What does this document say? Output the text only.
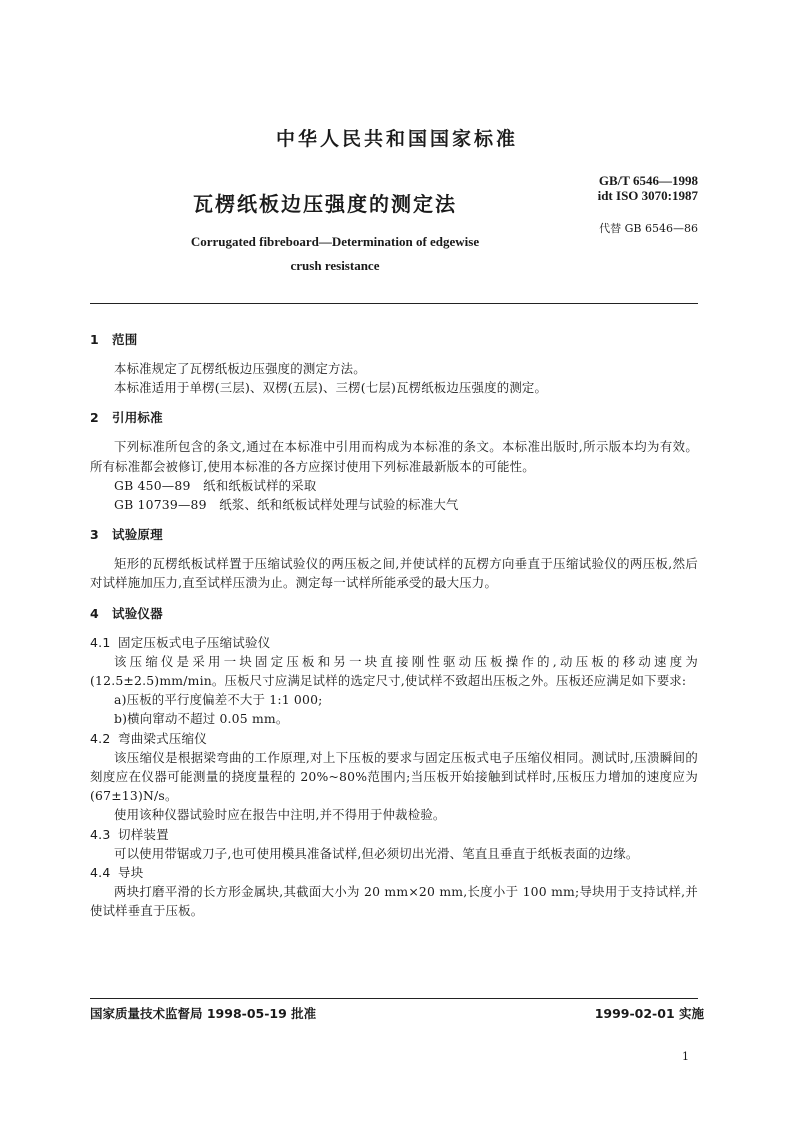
中华人民共和国国家标准
瓦楞纸板边压强度的测定法
Corrugated fibreboard—Determination of edgewise crush resistance
GB/T 6546—1998
idt ISO 3070:1987
代替 GB 6546—86
1 范围

本标准规定了瓦楞纸板边压强度的测定方法。

本标准适用于单楞(三层)、双楞(五层)、三楞(七层)瓦楞纸板边压强度的测定。

2 引用标准

下列标准所包含的条文,通过在本标准中引用而构成为本标准的条文。本标准出版时,所示版本均为有效。所有标准都会被修订,使用本标准的各方应探讨使用下列标准最新版本的可能性。

GB 450—89　纸和纸板试样的采取

GB 10739—89　纸浆、纸和纸板试样处理与试验的标准大气

3 试验原理

矩形的瓦楞纸板试样置于压缩试验仪的两压板之间,并使试样的瓦楞方向垂直于压缩试验仪的两压板,然后对试样施加压力,直至试样压溃为止。测定每一试样所能承受的最大压力。

4 试验仪器
4.1 固定压板式电子压缩试验仪

该压缩仪是采用一块固定压板和另一块直接刚性驱动压板操作的,动压板的移动速度为(12.5±2.5)mm/min。压板尺寸应满足试样的选定尺寸,使试样不致超出压板之外。压板还应满足如下要求:

a)压板的平行度偏差不大于 1:1 000;

b)横向窜动不超过 0.05 mm。

4.2 弯曲梁式压缩仪

该压缩仪是根据梁弯曲的工作原理,对上下压板的要求与固定压板式电子压缩仪相同。测试时,压溃瞬间的刻度应在仪器可能测量的挠度量程的 20%~80%范围内;当压板开始接触到试样时,压板压力增加的速度应为(67±13)N/s。

使用该种仪器试验时应在报告中注明,并不得用于仲裁检验。

4.3 切样装置

可以使用带锯或刀子,也可使用模具准备试样,但必须切出光滑、笔直且垂直于纸板表面的边缘。

4.4 导块

两块打磨平滑的长方形金属块,其截面大小为 20 mm×20 mm,长度小于 100 mm;导块用于支持试样,并使试样垂直于压板。

国家质量技术监督局 1998-05-19 批准	1999-02-01 实施
1
